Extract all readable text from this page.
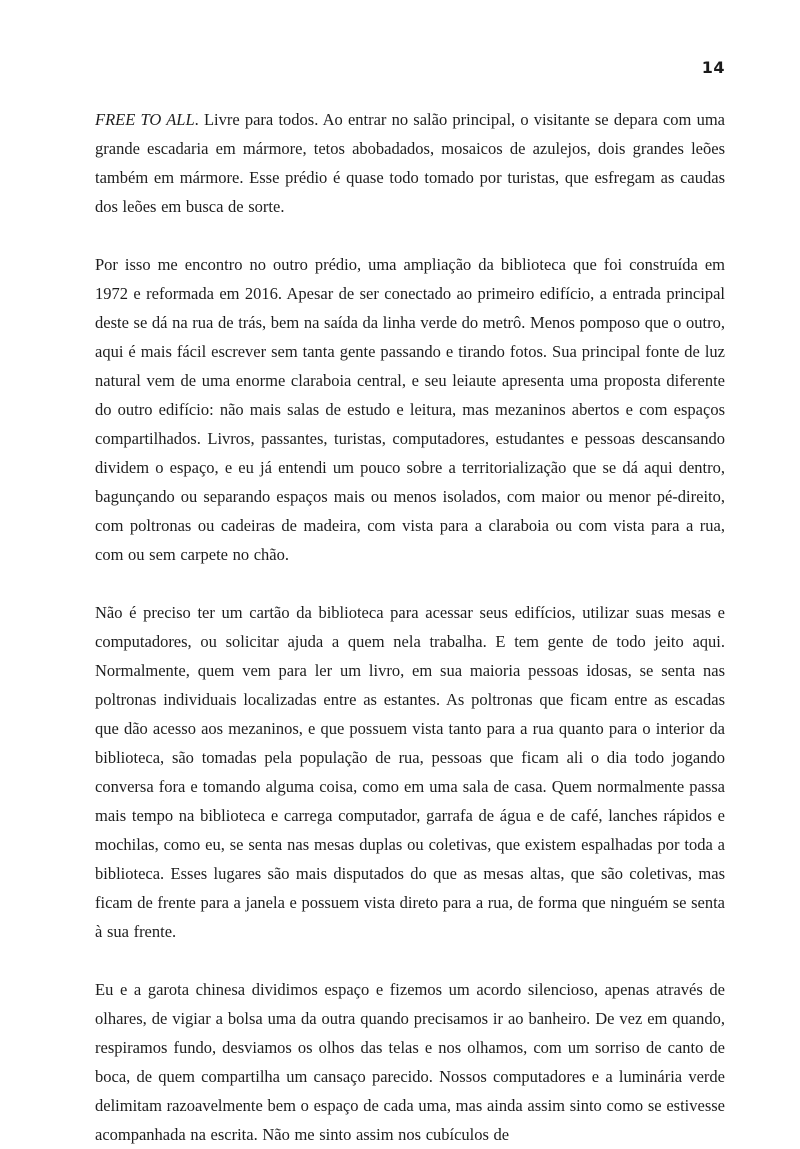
14

FREE TO ALL. Livre para todos. Ao entrar no salão principal, o visitante se depara com uma grande escadaria em mármore, tetos abobadados, mosaicos de azulejos, dois grandes leões também em mármore. Esse prédio é quase todo tomado por turistas, que esfregam as caudas dos leões em busca de sorte.

Por isso me encontro no outro prédio, uma ampliação da biblioteca que foi construída em 1972 e reformada em 2016. Apesar de ser conectado ao primeiro edifício, a entrada principal deste se dá na rua de trás, bem na saída da linha verde do metrô. Menos pomposo que o outro, aqui é mais fácil escrever sem tanta gente passando e tirando fotos. Sua principal fonte de luz natural vem de uma enorme claraboia central, e seu leiaute apresenta uma proposta diferente do outro edifício: não mais salas de estudo e leitura, mas mezaninos abertos e com espaços compartilhados. Livros, passantes, turistas, computadores, estudantes e pessoas descansando dividem o espaço, e eu já entendi um pouco sobre a territorialização que se dá aqui dentro, bagunçando ou separando espaços mais ou menos isolados, com maior ou menor pé-direito, com poltronas ou cadeiras de madeira, com vista para a claraboia ou com vista para a rua, com ou sem carpete no chão.

Não é preciso ter um cartão da biblioteca para acessar seus edifícios, utilizar suas mesas e computadores, ou solicitar ajuda a quem nela trabalha. E tem gente de todo jeito aqui. Normalmente, quem vem para ler um livro, em sua maioria pessoas idosas, se senta nas poltronas individuais localizadas entre as estantes. As poltronas que ficam entre as escadas que dão acesso aos mezaninos, e que possuem vista tanto para a rua quanto para o interior da biblioteca, são tomadas pela população de rua, pessoas que ficam ali o dia todo jogando conversa fora e tomando alguma coisa, como em uma sala de casa. Quem normalmente passa mais tempo na biblioteca e carrega computador, garrafa de água e de café, lanches rápidos e mochilas, como eu, se senta nas mesas duplas ou coletivas, que existem espalhadas por toda a biblioteca. Esses lugares são mais disputados do que as mesas altas, que são coletivas, mas ficam de frente para a janela e possuem vista direto para a rua, de forma que ninguém se senta à sua frente.

Eu e a garota chinesa dividimos espaço e fizemos um acordo silencioso, apenas através de olhares, de vigiar a bolsa uma da outra quando precisamos ir ao banheiro. De vez em quando, respiramos fundo, desviamos os olhos das telas e nos olhamos, com um sorriso de canto de boca, de quem compartilha um cansaço parecido. Nossos computadores e a luminária verde delimitam razoavelmente bem o espaço de cada uma, mas ainda assim sinto como se estivesse acompanhada na escrita. Não me sinto assim nos cubículos de
